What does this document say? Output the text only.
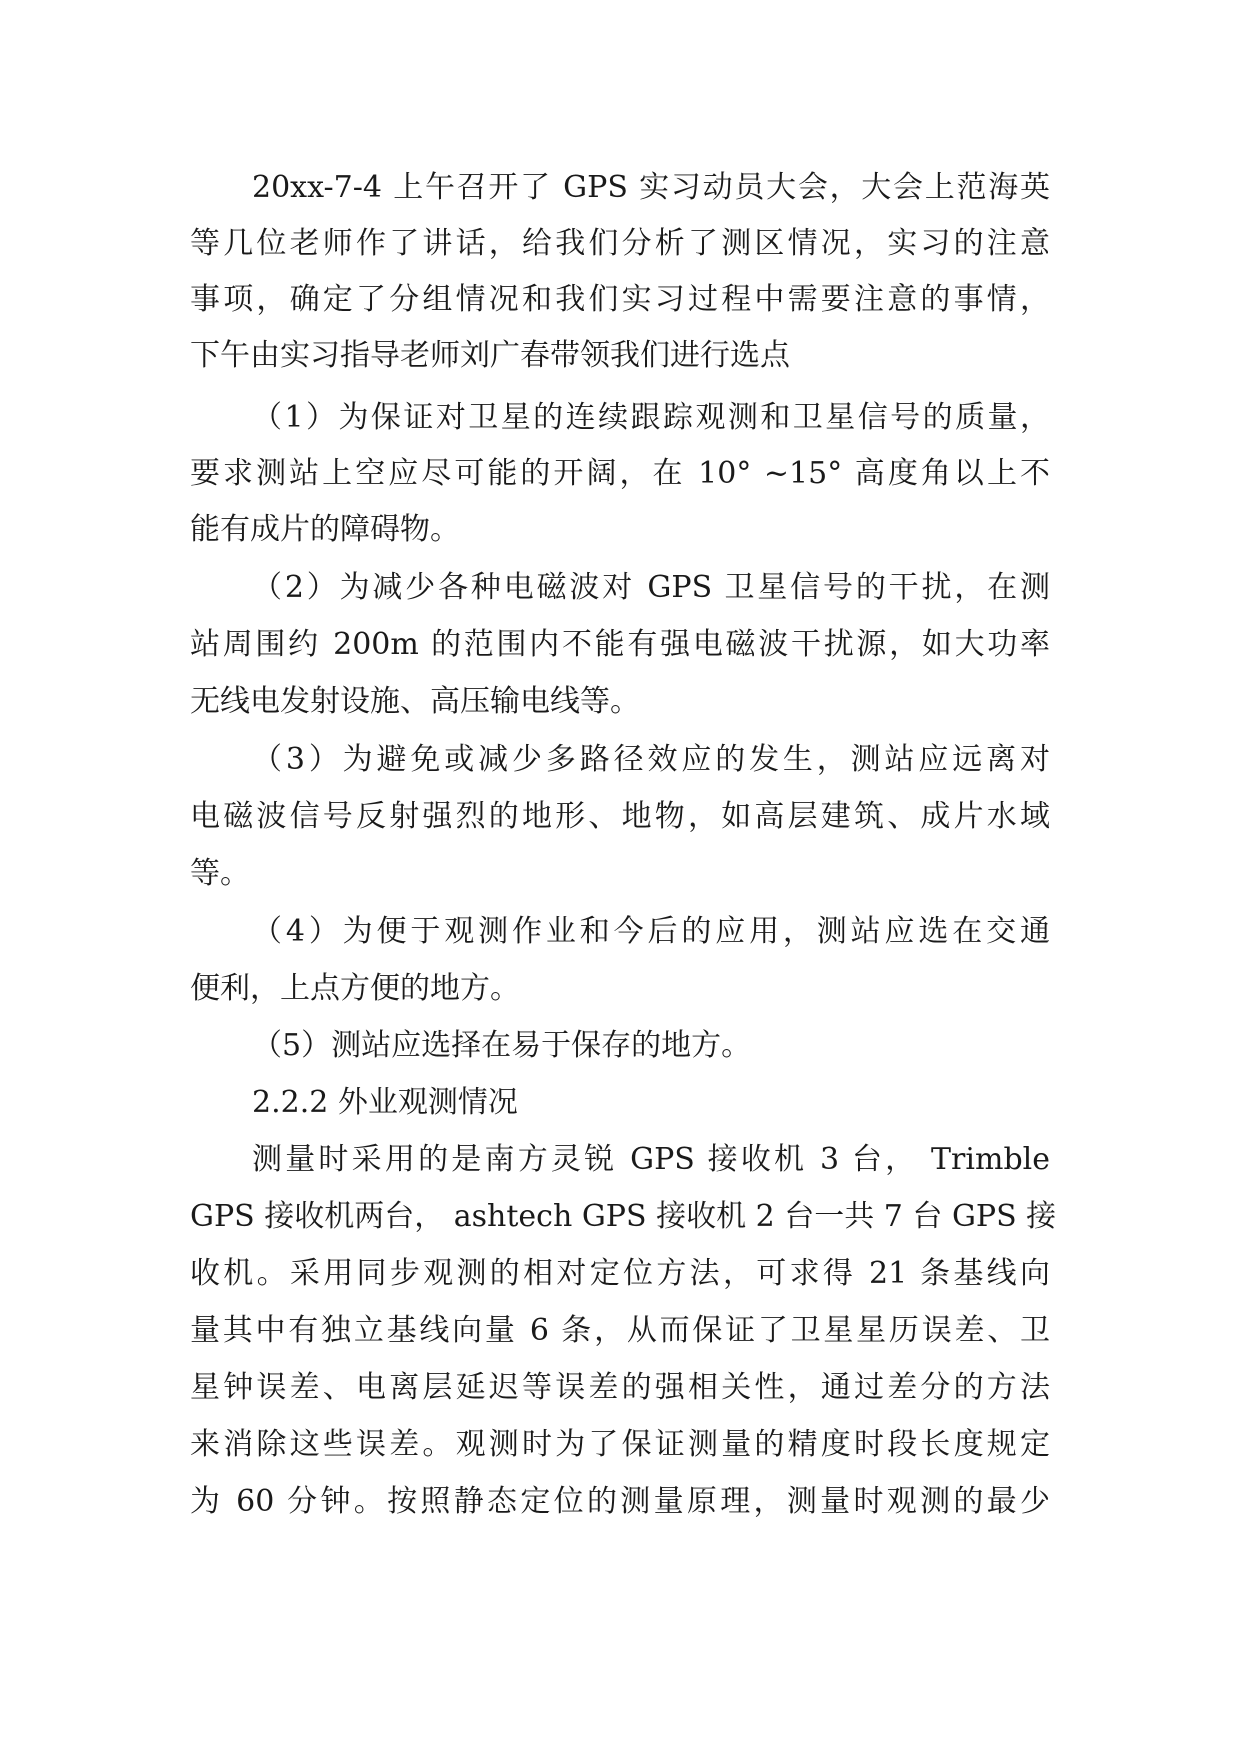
20xx-7-4 上午召开了 GPS 实习动员大会，大会上范海英
等几位老师作了讲话，给我们分析了测区情况，实习的注意
事项，确定了分组情况和我们实习过程中需要注意的事情，
下午由实习指导老师刘广春带领我们进行选点
（1）为保证对卫星的连续跟踪观测和卫星信号的质量，
要求测站上空应尽可能的开阔，在 10° ~15° 高度角以上不
能有成片的障碍物。
（2）为减少各种电磁波对 GPS 卫星信号的干扰，在测
站周围约 200m 的范围内不能有强电磁波干扰源，如大功率
无线电发射设施、高压输电线等。
（3）为避免或减少多路径效应的发生，测站应远离对
电磁波信号反射强烈的地形、地物，如高层建筑、成片水域
等。
（4）为便于观测作业和今后的应用，测站应选在交通
便利，上点方便的地方。
（5）测站应选择在易于保存的地方。
2.2.2 外业观测情况
测量时采用的是南方灵锐 GPS 接收机 3 台， Trimble
GPS 接收机两台， ashtech GPS 接收机 2 台一共 7 台 GPS 接
收机。采用同步观测的相对定位方法，可求得 21 条基线向
量其中有独立基线向量 6 条，从而保证了卫星星历误差、卫
星钟误差、电离层延迟等误差的强相关性，通过差分的方法
来消除这些误差。观测时为了保证测量的精度时段长度规定
为 60 分钟。按照静态定位的测量原理，测量时观测的最少
